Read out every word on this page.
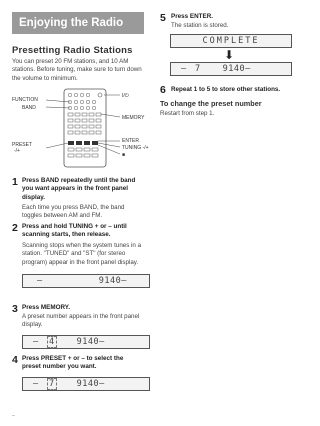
Enjoying the Radio
Presetting Radio Stations
You can preset 20 FM stations, and 10 AM
stations. Before tuning, make sure to turn down
the volume to minimum.
FUNCTION
BAND
I/⏻
MEMORY
ENTER
TUNING -/+
PRESET
-/+
■
1 Press BAND repeatedly until the band
you want appears in the front panel
display.
Each time you press BAND, the band
toggles between AM and FM.
2 Press and hold TUNING + or – until
scanning starts, then release.
Scanning stops when the system tunes in a
station. "TUNED" and "ST" (for stereo
program) appear in the front panel display.
–          9140–
3 Press MEMORY.
A preset number appears in the front panel
display.
–	4	9140–
4 Press PRESET + or – to select the
preset number you want.
–	7	9140–
5 Press ENTER.
The station is stored.
COMPLETE
⬇
– 7	9140–
6 Repeat 1 to 5 to store other stations.
To change the preset number
Restart from step 1.
–
